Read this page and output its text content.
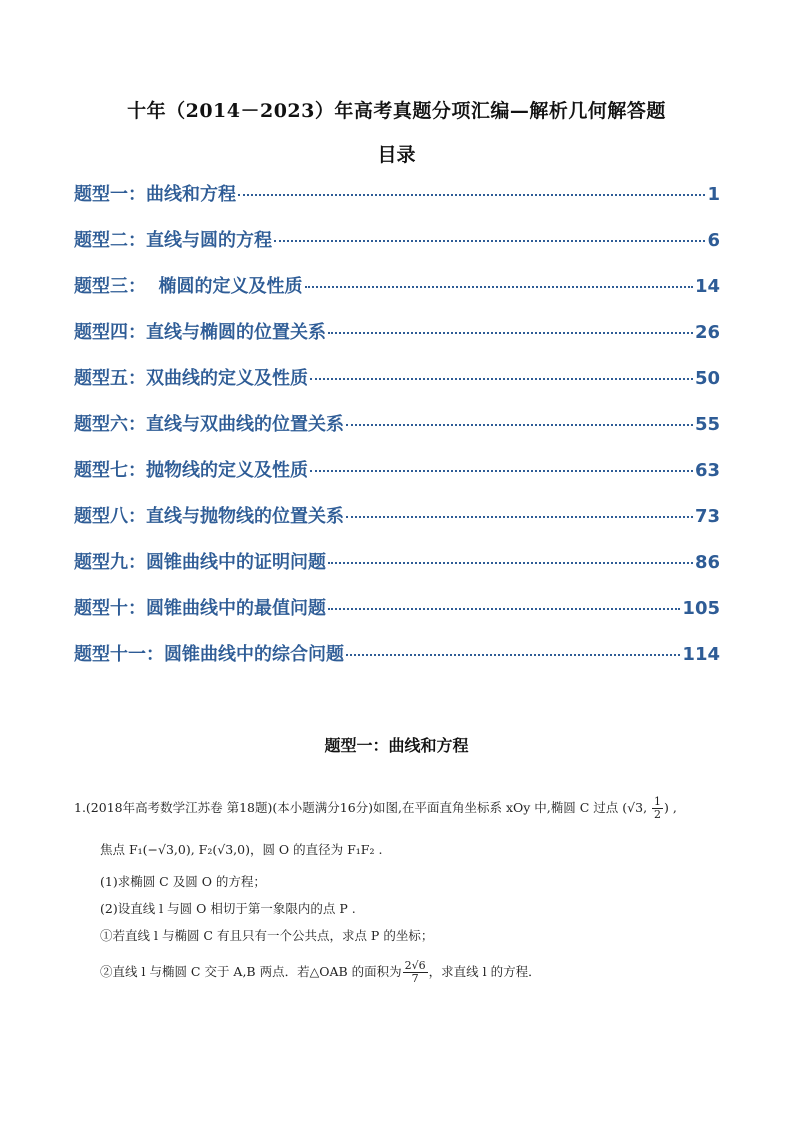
十年（2014－2023）年高考真题分项汇编—解析几何解答题
目录
题型一：曲线和方程	1
题型二：直线与圆的方程	6
题型三：  椭圆的定义及性质	14
题型四：直线与椭圆的位置关系	26
题型五：双曲线的定义及性质	50
题型六：直线与双曲线的位置关系	55
题型七：抛物线的定义及性质	63
题型八：直线与抛物线的位置关系	73
题型九：圆锥曲线中的证明问题	86
题型十：圆锥曲线中的最值问题	105
题型十一：圆锥曲线中的综合问题	114
题型一：曲线和方程
1.(2018年高考数学江苏卷 第18题)(本小题满分16分)如图,在平面直角坐标系 xOy 中,椭圆 C 过点 (√3, $\frac{1}{2}$ ) ,
焦点 F₁(−√3,0), F₂(√3,0)，圆 O 的直径为 F₁F₂ .
(1)求椭圆 C 及圆 O 的方程；
(2)设直线 l 与圆 O 相切于第一象限内的点 P .
①若直线 l 与椭圆 C 有且只有一个公共点，求点 P 的坐标；
②直线 l 与椭圆 C 交于 A,B 两点．若△OAB 的面积为 $\frac{2√6}{7}$ ，求直线 l 的方程．
